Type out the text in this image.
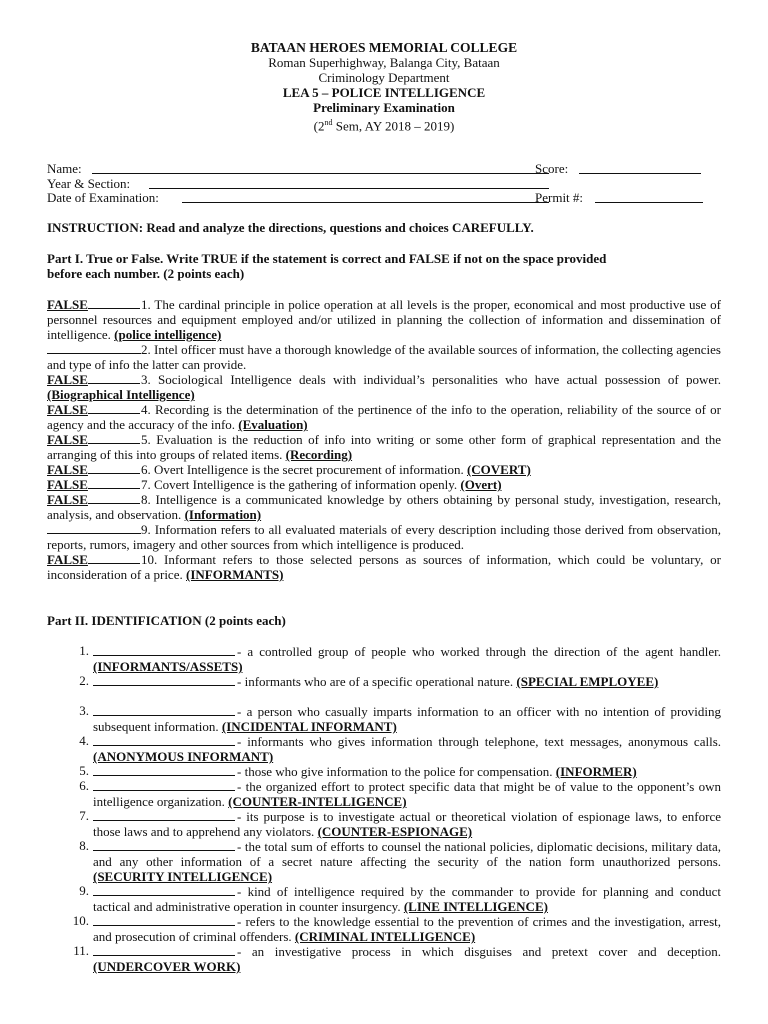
BATAAN HEROES MEMORIAL COLLEGE
Roman Superhighway, Balanga City, Bataan
Criminology Department
LEA 5 – POLICE INTELLIGENCE
Preliminary Examination
(2nd Sem, AY 2018 – 2019)
Name:	Score:
Year & Section:
Date of Examination:	Permit #:
INSTRUCTION: Read and analyze the directions, questions and choices CAREFULLY.
Part I. True or False. Write TRUE if the statement is correct and FALSE if not on the space provided
before each number. (2 points each)
FALSE	1. The cardinal principle in police operation at all levels is the proper, economical and most productive use of personnel resources and equipment employed and/or utilized in planning the collection of information and dissemination of intelligence. (police intelligence)
2. Intel officer must have a thorough knowledge of the available sources of information, the collecting agencies and type of info the latter can provide.
FALSE	3. Sociological Intelligence deals with individual’s personalities who have actual possession of power. (Biographical Intelligence)
FALSE	4. Recording is the determination of the pertinence of the info to the operation, reliability of the source of or agency and the accuracy of the info. (Evaluation)
FALSE	5. Evaluation is the reduction of info into writing or some other form of graphical representation and the arranging of this into groups of related items. (Recording)
FALSE	6. Overt Intelligence is the secret procurement of information. (COVERT)
FALSE	7. Covert Intelligence is the gathering of information openly. (Overt)
FALSE	8. Intelligence is a communicated knowledge by others obtaining by personal study, investigation, research, analysis, and observation. (Information)
9. Information refers to all evaluated materials of every description including those derived from observation, reports, rumors, imagery and other sources from which intelligence is produced.
FALSE	10. Informant refers to those selected persons as sources of information, which could be voluntary, or inconsideration of a price. (INFORMANTS)
Part II. IDENTIFICATION (2 points each)
1.	- a controlled group of people who worked through the direction of the agent handler. (INFORMANTS/ASSETS)
2.	- informants who are of a specific operational nature. (SPECIAL EMPLOYEE)
3.	- a person who casually imparts information to an officer with no intention of providing subsequent information. (INCIDENTAL INFORMANT)
4.	- informants who gives information through telephone, text messages, anonymous calls. (ANONYMOUS INFORMANT)
5.	- those who give information to the police for compensation. (INFORMER)
6.	- the organized effort to protect specific data that might be of value to the opponent’s own intelligence organization. (COUNTER-INTELLIGENCE)
7.	- its purpose is to investigate actual or theoretical violation of espionage laws, to enforce those laws and to apprehend any violators. (COUNTER-ESPIONAGE)
8.	- the total sum of efforts to counsel the national policies, diplomatic decisions, military data, and any other information of a secret nature affecting the security of the nation form unauthorized persons. (SECURITY INTELLIGENCE)
9.	- kind of intelligence required by the commander to provide for planning and conduct tactical and administrative operation in counter insurgency. (LINE INTELLIGENCE)
10.	- refers to the knowledge essential to the prevention of crimes and the investigation, arrest, and prosecution of criminal offenders. (CRIMINAL INTELLIGENCE)
11.	- an investigative process in which disguises and pretext cover and deception. (UNDERCOVER WORK)
